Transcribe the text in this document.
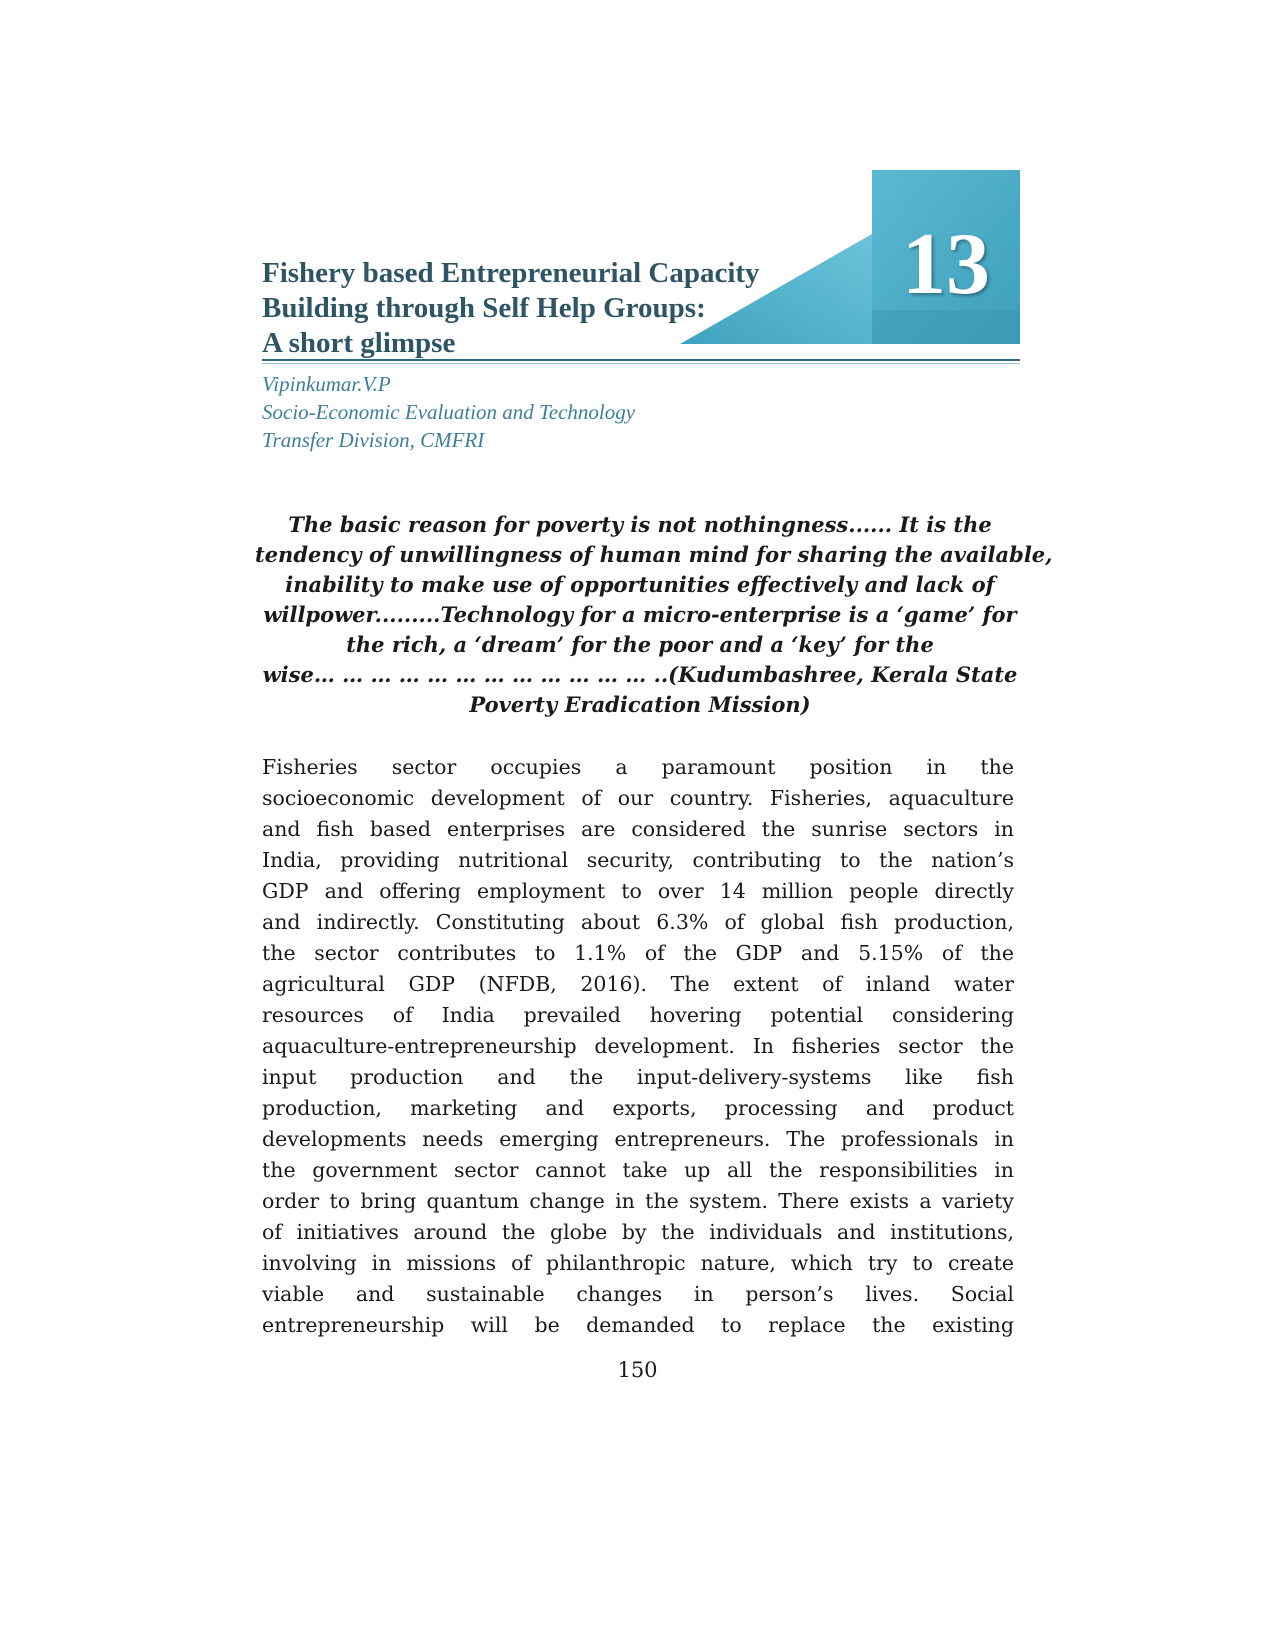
13
Fishery based Entrepreneurial Capacity
Building through Self Help Groups:
A short glimpse
Vipinkumar.V.P
Socio-Economic Evaluation and Technology
Transfer Division, CMFRI
The basic reason for poverty is not nothingness...... It is the
tendency of unwillingness of human mind for sharing the available,
inability to make use of opportunities effectively and lack of
willpower.........Technology for a micro-enterprise is a ‘game’ for
the rich, a ‘dream’ for the poor and a ‘key’ for the
wise… … … … … … … … … … … … ..(Kudumbashree, Kerala State
Poverty Eradication Mission)
Fisheries sector occupies a paramount position in the
socioeconomic development of our country. Fisheries, aquaculture
and fish based enterprises are considered the sunrise sectors in
India, providing nutritional security, contributing to the nation’s
GDP and offering employment to over 14 million people directly
and indirectly. Constituting about 6.3% of global fish production,
the sector contributes to 1.1% of the GDP and 5.15% of the
agricultural GDP (NFDB, 2016). The extent of inland water
resources of India prevailed hovering potential considering
aquaculture-entrepreneurship development. In fisheries sector the
input production and the input-delivery-systems like fish
production, marketing and exports, processing and product
developments needs emerging entrepreneurs. The professionals in
the government sector cannot take up all the responsibilities in
order to bring quantum change in the system. There exists a variety
of initiatives around the globe by the individuals and institutions,
involving in missions of philanthropic nature, which try to create
viable and sustainable changes in person’s lives. Social
entrepreneurship will be demanded to replace the existing
150
